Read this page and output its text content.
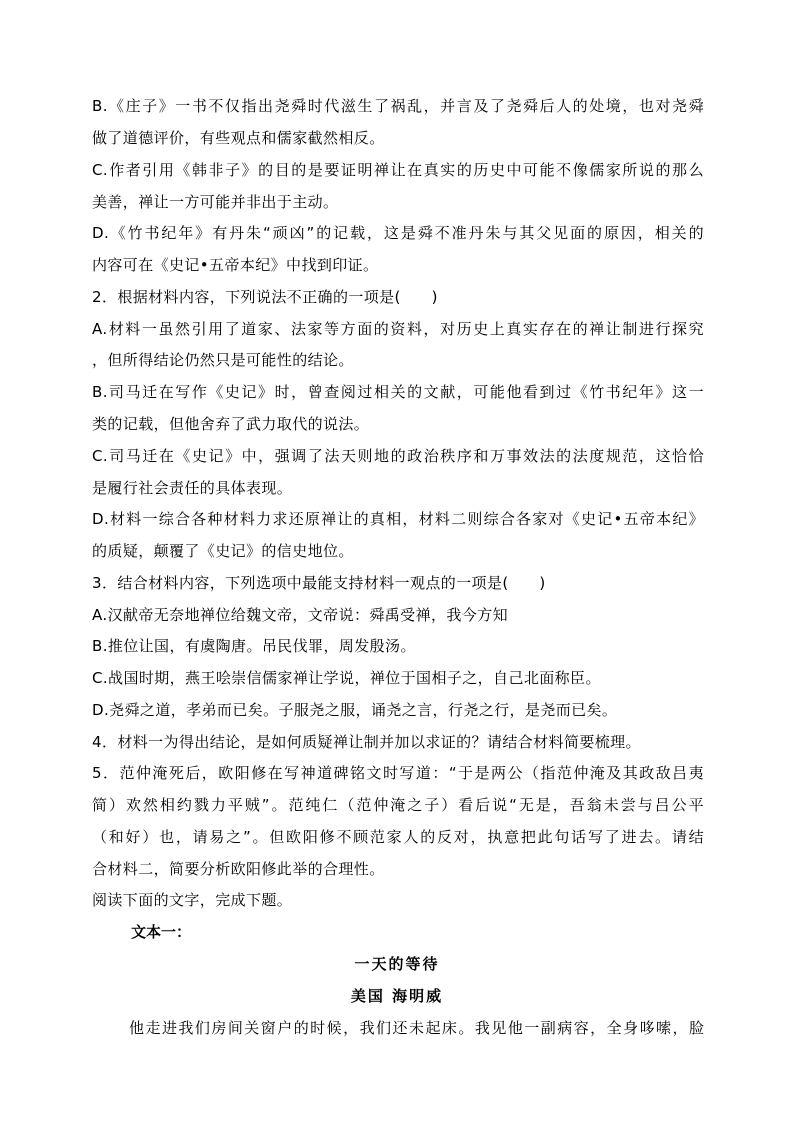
B.《庄子》一书不仅指出尧舜时代滋生了祸乱，并言及了尧舜后人的处境，也对尧舜
做了道德评价，有些观点和儒家截然相反。
C.作者引用《韩非子》的目的是要证明禅让在真实的历史中可能不像儒家所说的那么
美善，禅让一方可能并非出于主动。
D.《竹书纪年》有丹朱“顽凶”的记载，这是舜不准丹朱与其父见面的原因，相关的
内容可在《史记•五帝本纪》中找到印证。
2．根据材料内容，下列说法不正确的一项是(　　)
A.材料一虽然引用了道家、法家等方面的资料，对历史上真实存在的禅让制进行探究
，但所得结论仍然只是可能性的结论。
B.司马迁在写作《史记》时，曾查阅过相关的文献，可能他看到过《竹书纪年》这一
类的记载，但他舍弃了武力取代的说法。
C.司马迁在《史记》中，强调了法天则地的政治秩序和万事效法的法度规范，这恰恰
是履行社会责任的具体表现。
D.材料一综合各种材料力求还原禅让的真相，材料二则综合各家对《史记•五帝本纪》
的质疑，颠覆了《史记》的信史地位。
3．结合材料内容，下列选项中最能支持材料一观点的一项是(　　)
A.汉献帝无奈地禅位给魏文帝，文帝说：舜禹受禅，我今方知
B.推位让国，有虞陶唐。吊民伐罪，周发殷汤。
C.战国时期，燕王哙崇信儒家禅让学说，禅位于国相子之，自己北面称臣。
D.尧舜之道，孝弟而已矣。子服尧之服，诵尧之言，行尧之行，是尧而已矣。
4．材料一为得出结论，是如何质疑禅让制并加以求证的？请结合材料简要梳理。
5．范仲淹死后，欧阳修在写神道碑铭文时写道：“于是两公（指范仲淹及其政敌吕夷
简）欢然相约戮力平贼”。范纯仁（范仲淹之子）看后说“无是，吾翁未尝与吕公平
（和好）也，请易之”。但欧阳修不顾范家人的反对，执意把此句话写了进去。请结
合材料二，简要分析欧阳修此举的合理性。
阅读下面的文字，完成下题。
文本一：
一天的等待
美国 海明威
他走进我们房间关窗户的时候，我们还未起床。我见他一副病容，全身哆嗦，脸
